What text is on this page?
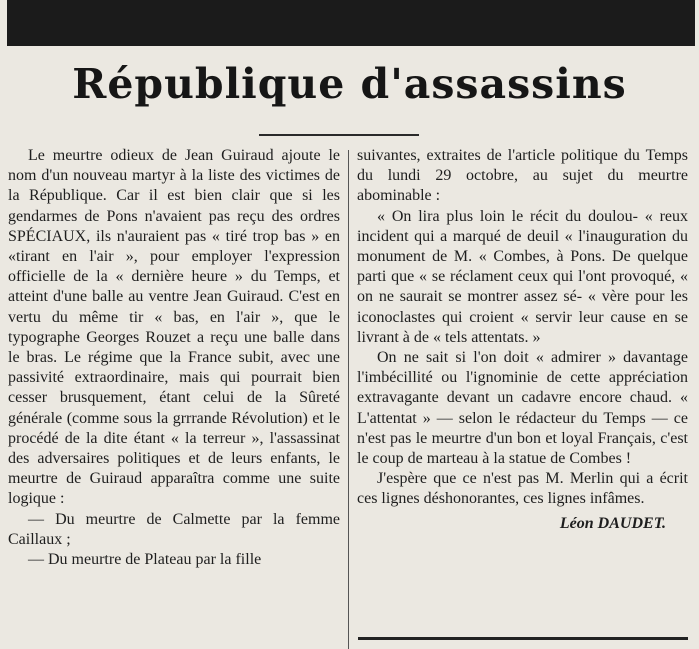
République d'assassins

Le meurtre odieux de Jean Guiraud ajoute le nom d'un nouveau martyr à la liste des victimes de la République. Car il est bien clair que si les gendarmes de Pons n'avaient pas reçu des ordres SPÉCIAUX, ils n'auraient pas « tiré trop bas » en «tirant en l'air », pour employer l'expression officielle de la « dernière heure » du Temps, et atteint d'une balle au ventre Jean Guiraud. C'est en vertu du même tir « bas, en l'air », que le typographe Georges Rouzet a reçu une balle dans le bras. Le régime que la France subit, avec une passivité extraordinaire, mais qui pourrait bien cesser brusquement, étant celui de la Sûreté générale (comme sous la grrrande Révolution) et le procédé de la dite étant « la terreur », l'assassinat des adversaires politiques et de leurs enfants, le meurtre de Guiraud apparaîtra comme une suite logique :

— Du meurtre de Calmette par la femme Caillaux ;

— Du meurtre de Plateau par la fille

suivantes, extraites de l'article politique du Temps du lundi 29 octobre, au sujet du meurtre abominable :

« On lira plus loin le récit du doulou- « reux incident qui a marqué de deuil « l'inauguration du monument de M. « Combes, à Pons. De quelque parti que « se réclament ceux qui l'ont provoqué, « on ne saurait se montrer assez sé- « vère pour les iconoclastes qui croient « servir leur cause en se livrant à de « tels attentats. »

On ne sait si l'on doit « admirer » davantage l'imbécillité ou l'ignominie de cette appréciation extravagante devant un cadavre encore chaud. « L'attentat » — selon le rédacteur du Temps — ce n'est pas le meurtre d'un bon et loyal Français, c'est le coup de marteau à la statue de Combes !

J'espère que ce n'est pas M. Merlin qui a écrit ces lignes déshonorantes, ces lignes infâmes.

Léon DAUDET.
